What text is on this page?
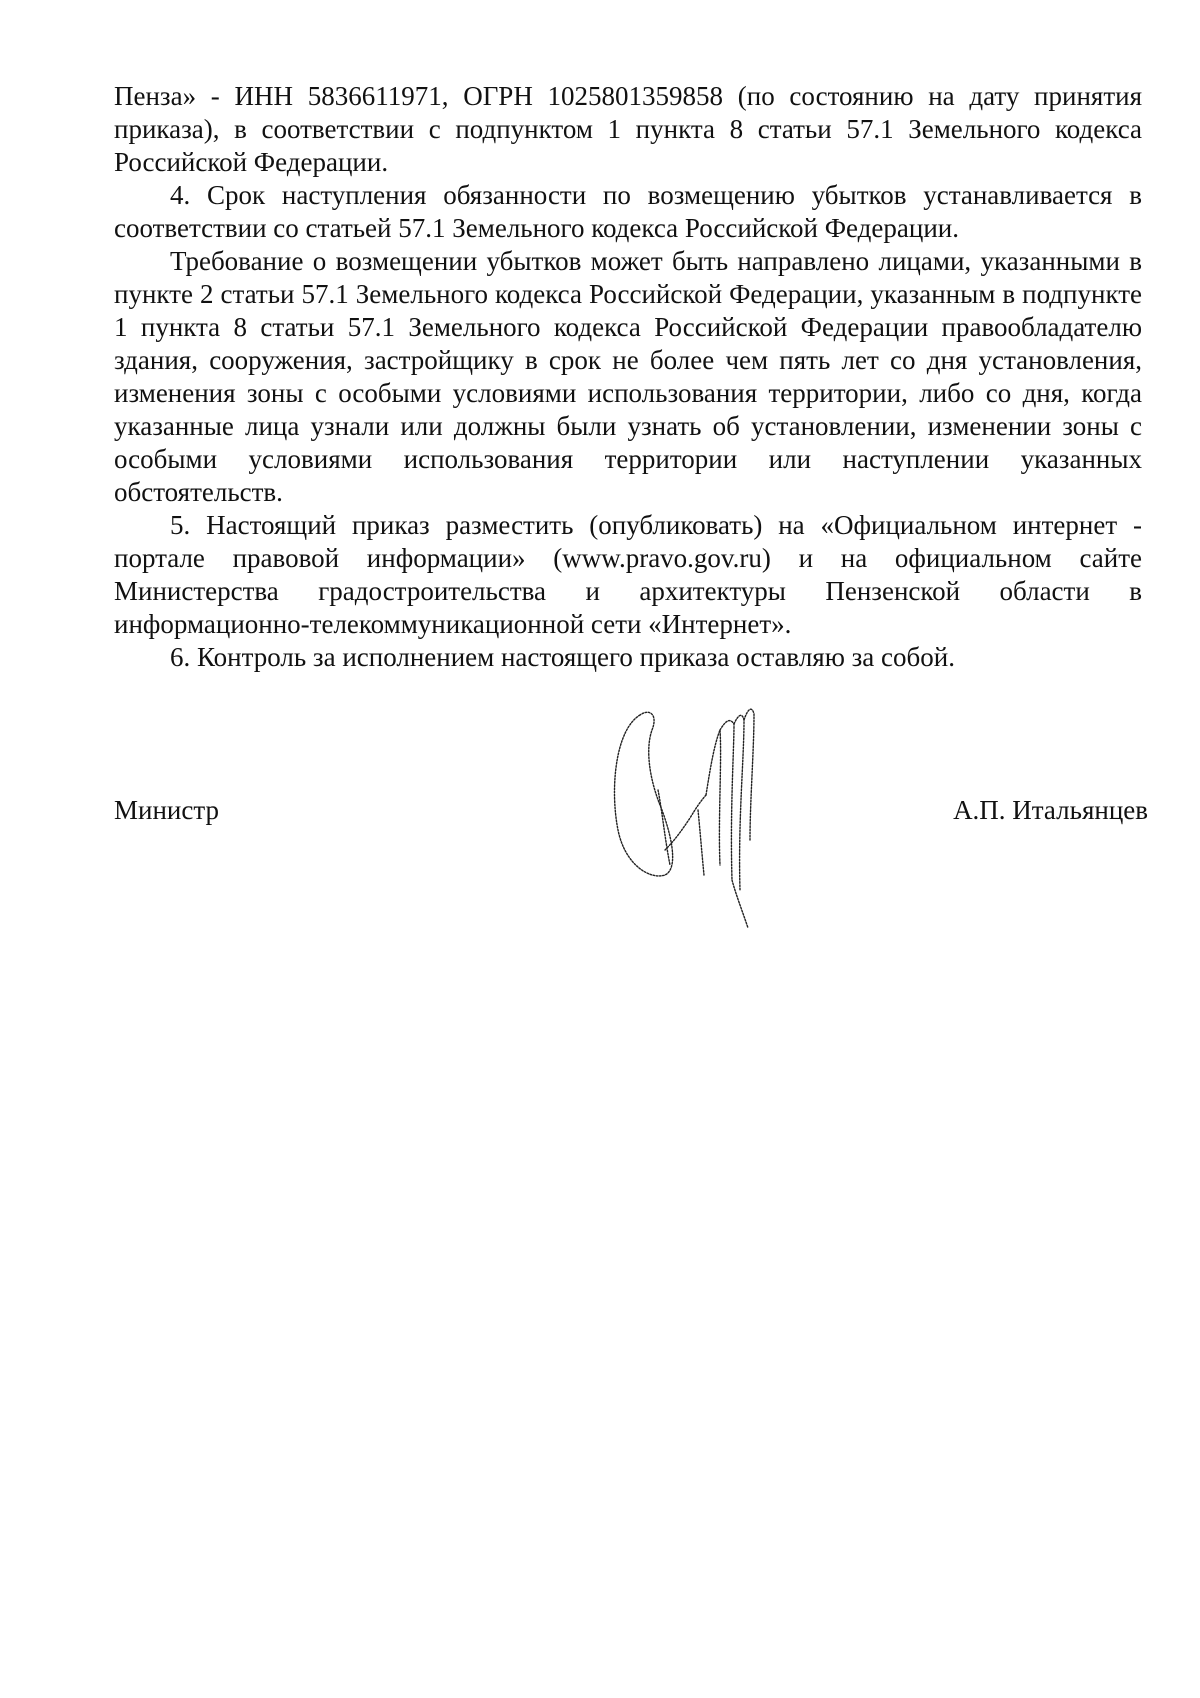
Пенза» - ИНН 5836611971, ОГРН 1025801359858 (по состоянию на дату принятия приказа), в соответствии с подпунктом 1 пункта 8 статьи 57.1 Земельного кодекса Российской Федерации.

4. Срок наступления обязанности по возмещению убытков устанавливается в соответствии со статьей 57.1 Земельного кодекса Российской Федерации.

Требование о возмещении убытков может быть направлено лицами, указанными в пункте 2 статьи 57.1 Земельного кодекса Российской Федерации, указанным в подпункте 1 пункта 8 статьи 57.1 Земельного кодекса Российской Федерации правообладателю здания, сооружения, застройщику в срок не более чем пять лет со дня установления, изменения зоны с особыми условиями использования территории, либо со дня, когда указанные лица узнали или должны были узнать об установлении, изменении зоны с особыми условиями использования территории или наступлении указанных обстоятельств.

5. Настоящий приказ разместить (опубликовать) на «Официальном интернет - портале правовой информации» (www.pravo.gov.ru) и на официальном сайте Министерства градостроительства и архитектуры Пензенской области в информационно-телекоммуникационной сети «Интернет».

6. Контроль за исполнением настоящего приказа оставляю за собой.

Министр	А.П. Итальянцев
